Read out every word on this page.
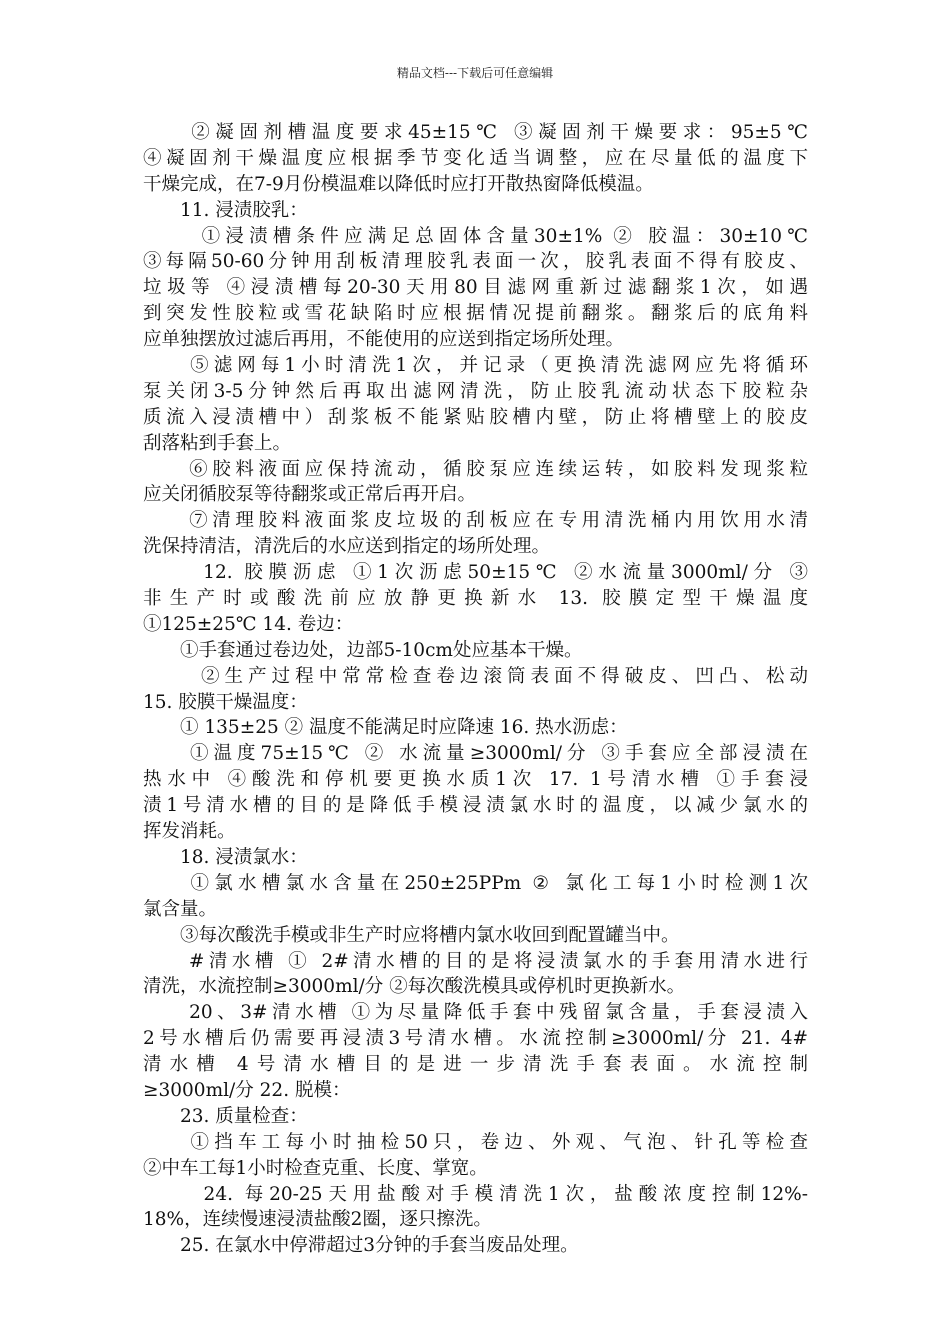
精品文档---下载后可任意编辑
　　②凝固剂槽温度要求45±15℃ ③凝固剂干燥要求：95±5℃
④凝固剂干燥温度应根据季节变化适当调整，应在尽量低的温度下
干燥完成，在7-9月份模温难以降低时应打开散热窗降低模温。
　　11. 浸渍胶乳：
　　 ①浸渍槽条件应满足总固体含量30±1% ② 胶温：30±10℃
③每隔50-60分钟用刮板清理胶乳表面一次，胶乳表面不得有胶皮、
垃圾等 ④浸渍槽每20-30天用80目滤网重新过滤翻浆1次，如遇
到突发性胶粒或雪花缺陷时应根据情况提前翻浆。翻浆后的底角料
应单独摆放过滤后再用，不能使用的应送到指定场所处理。
　　⑤滤网每1小时清洗1次，并记录（更换清洗滤网应先将循环
泵关闭3-5分钟然后再取出滤网清洗，防止胶乳流动状态下胶粒杂
质流入浸渍槽中）刮浆板不能紧贴胶槽内壁，防止将槽壁上的胶皮
刮落粘到手套上。
　　⑥胶料液面应保持流动，循胶泵应连续运转，如胶料发现浆粒
应关闭循胶泵等待翻浆或正常后再开启。
　　⑦清理胶料液面浆皮垃圾的刮板应在专用清洗桶内用饮用水清
洗保持清洁，清洗后的水应送到指定的场所处理。
　　 12. 胶膜沥虑 ①1次沥虑50±15℃ ②水流量3000ml/分 ③
非生产时或酸洗前应放静更换新水 13. 胶膜定型干燥温度
①125±25℃ 14. 卷边：
　　①手套通过卷边处，边部5-10cm处应基本干燥。
　　 ②生产过程中常常检查卷边滚筒表面不得破皮、凹凸、松动
15. 胶膜干燥温度：
　　① 135±25 ② 温度不能满足时应降速 16. 热水沥虑：
　　①温度75±15℃ ② 水流量≥3000ml/分 ③手套应全部浸渍在
热水中 ④酸洗和停机要更换水质1次 17. 1号清水槽 ①手套浸
渍1号清水槽的目的是降低手模浸渍氯水时的温度，以减少氯水的
挥发消耗。
　　18. 浸渍氯水：
　　①氯水槽氯水含量在250±25PPm ② 氯化工每1小时检测1次
氯含量。
　　③每次酸洗手模或非生产时应将槽内氯水收回到配置罐当中。
　　#清水槽 ① 2#清水槽的目的是将浸渍氯水的手套用清水进行
清洗，水流控制≥3000ml/分 ②每次酸洗模具或停机时更换新水。
　　20、3#清水槽 ①为尽量降低手套中残留氯含量，手套浸渍入
2号水槽后仍需要再浸渍3号清水槽。水流控制≥3000ml/分 21. 4#
清水槽 4号清水槽目的是进一步清洗手套表面。水流控制
≥3000ml/分 22. 脱模：
　　23. 质量检查：
　　①挡车工每小时抽检50只，卷边、外观、气泡、针孔等检查
②中车工每1小时检查克重、长度、掌宽。
　　 24. 每20-25天用盐酸对手模清洗1次，盐酸浓度控制12%-
18%，连续慢速浸渍盐酸2圈，逐只擦洗。
　　25. 在氯水中停滞超过3分钟的手套当废品处理。
